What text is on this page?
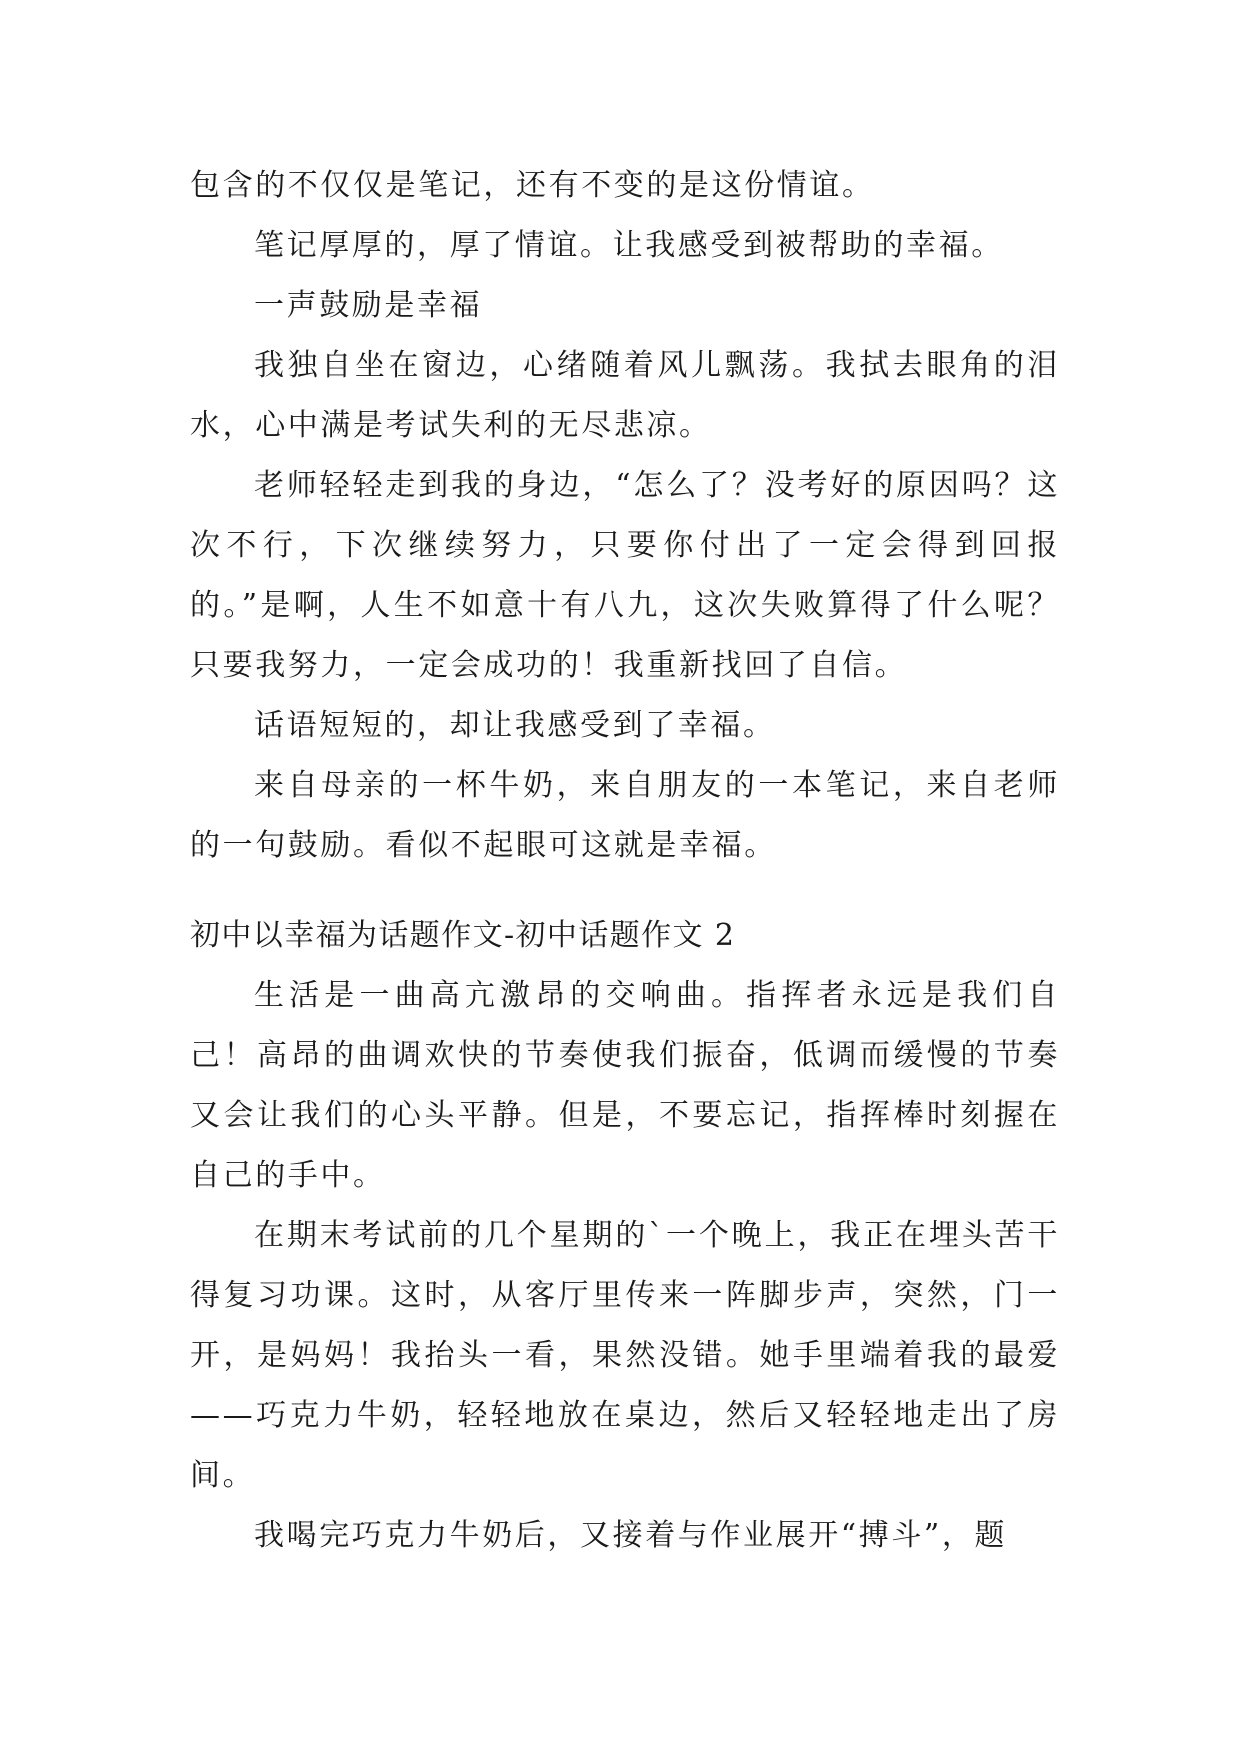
包含的不仅仅是笔记，还有不变的是这份情谊。

笔记厚厚的，厚了情谊。让我感受到被帮助的幸福。

一声鼓励是幸福

我独自坐在窗边，心绪随着风儿飘荡。我拭去眼角的泪水，心中满是考试失利的无尽悲凉。

老师轻轻走到我的身边，“怎么了？没考好的原因吗？这次不行，下次继续努力，只要你付出了一定会得到回报的。”是啊，人生不如意十有八九，这次失败算得了什么呢？只要我努力，一定会成功的！我重新找回了自信。

话语短短的，却让我感受到了幸福。

来自母亲的一杯牛奶，来自朋友的一本笔记，来自老师的一句鼓励。看似不起眼可这就是幸福。

初中以幸福为话题作文-初中话题作文 2

生活是一曲高亢激昂的交响曲。指挥者永远是我们自己！高昂的曲调欢快的节奏使我们振奋，低调而缓慢的节奏又会让我们的心头平静。但是，不要忘记，指挥棒时刻握在自己的手中。

在期末考试前的几个星期的`一个晚上，我正在埋头苦干得复习功课。这时，从客厅里传来一阵脚步声，突然，门一开，是妈妈！我抬头一看，果然没错。她手里端着我的最爱——巧克力牛奶，轻轻地放在桌边，然后又轻轻地走出了房间。

我喝完巧克力牛奶后，又接着与作业展开“搏斗”，题
